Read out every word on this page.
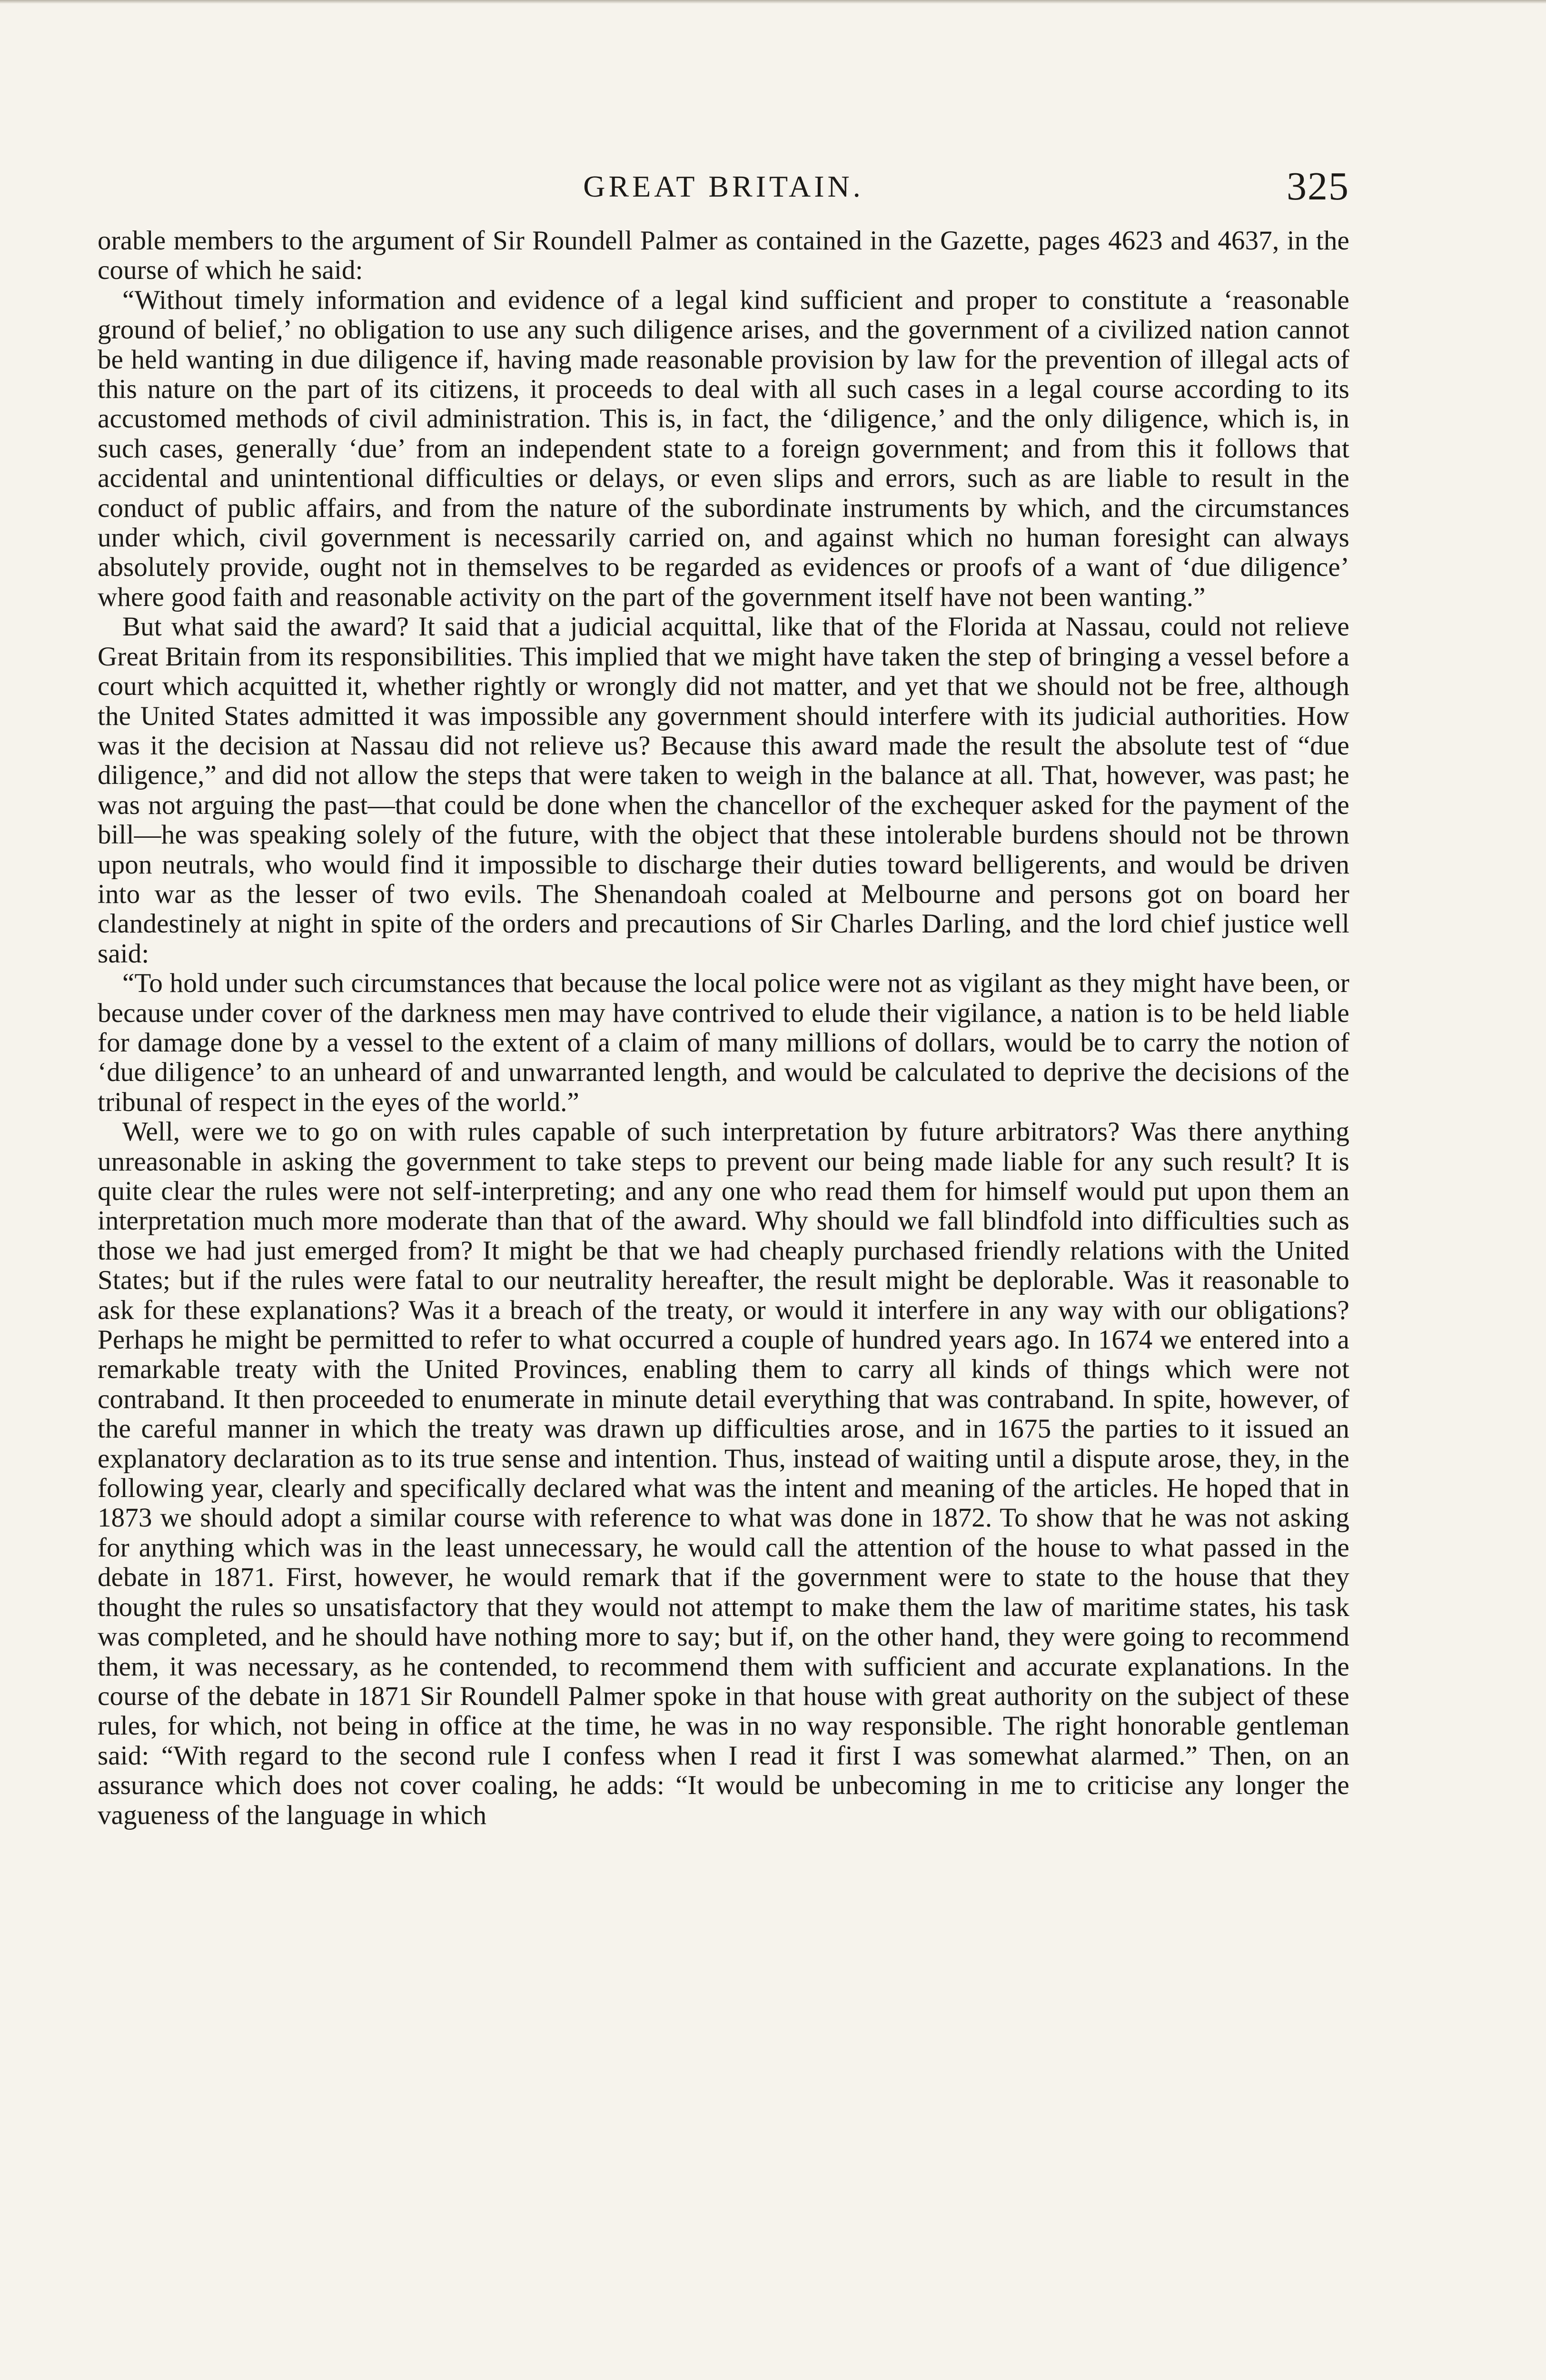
GREAT BRITAIN.	325

orable members to the argument of Sir Roundell Palmer as contained in the Gazette, pages 4623 and 4637, in the course of which he said:

“Without timely information and evidence of a legal kind sufficient and proper to constitute a ‘reasonable ground of belief,’ no obligation to use any such diligence arises, and the government of a civilized nation cannot be held wanting in due diligence if, having made reasonable provision by law for the prevention of illegal acts of this nature on the part of its citizens, it proceeds to deal with all such cases in a legal course according to its accustomed methods of civil administration. This is, in fact, the ‘diligence,’ and the only diligence, which is, in such cases, generally ‘due’ from an independent state to a foreign government; and from this it follows that accidental and unintentional difficulties or delays, or even slips and errors, such as are liable to result in the conduct of public affairs, and from the nature of the subordinate instruments by which, and the circumstances under which, civil government is necessarily carried on, and against which no human foresight can always absolutely provide, ought not in themselves to be regarded as evidences or proofs of a want of ‘due diligence’ where good faith and reasonable activity on the part of the government itself have not been wanting.”

But what said the award? It said that a judicial acquittal, like that of the Florida at Nassau, could not relieve Great Britain from its responsibilities. This implied that we might have taken the step of bringing a vessel before a court which acquitted it, whether rightly or wrongly did not matter, and yet that we should not be free, although the United States admitted it was impossible any government should interfere with its judicial authorities. How was it the decision at Nassau did not relieve us? Because this award made the result the absolute test of “due diligence,” and did not allow the steps that were taken to weigh in the balance at all. That, however, was past; he was not arguing the past—that could be done when the chancellor of the exchequer asked for the payment of the bill—he was speaking solely of the future, with the object that these intolerable burdens should not be thrown upon neutrals, who would find it impossible to discharge their duties toward belligerents, and would be driven into war as the lesser of two evils. The Shenandoah coaled at Melbourne and persons got on board her clandestinely at night in spite of the orders and precautions of Sir Charles Darling, and the lord chief justice well said:

“To hold under such circumstances that because the local police were not as vigilant as they might have been, or because under cover of the darkness men may have contrived to elude their vigilance, a nation is to be held liable for damage done by a vessel to the extent of a claim of many millions of dollars, would be to carry the notion of ‘due diligence’ to an unheard of and unwarranted length, and would be calculated to deprive the decisions of the tribunal of respect in the eyes of the world.”

Well, were we to go on with rules capable of such interpretation by future arbitrators? Was there anything unreasonable in asking the government to take steps to prevent our being made liable for any such result? It is quite clear the rules were not self-interpreting; and any one who read them for himself would put upon them an interpretation much more moderate than that of the award. Why should we fall blindfold into difficulties such as those we had just emerged from? It might be that we had cheaply purchased friendly relations with the United States; but if the rules were fatal to our neutrality hereafter, the result might be deplorable. Was it reasonable to ask for these explanations? Was it a breach of the treaty, or would it interfere in any way with our obligations? Perhaps he might be permitted to refer to what occurred a couple of hundred years ago. In 1674 we entered into a remarkable treaty with the United Provinces, enabling them to carry all kinds of things which were not contraband. It then proceeded to enumerate in minute detail everything that was contraband. In spite, however, of the careful manner in which the treaty was drawn up difficulties arose, and in 1675 the parties to it issued an explanatory declaration as to its true sense and intention. Thus, instead of waiting until a dispute arose, they, in the following year, clearly and specifically declared what was the intent and meaning of the articles. He hoped that in 1873 we should adopt a similar course with reference to what was done in 1872. To show that he was not asking for anything which was in the least unnecessary, he would call the attention of the house to what passed in the debate in 1871. First, however, he would remark that if the government were to state to the house that they thought the rules so unsatisfactory that they would not attempt to make them the law of maritime states, his task was completed, and he should have nothing more to say; but if, on the other hand, they were going to recommend them, it was necessary, as he contended, to recommend them with sufficient and accurate explanations. In the course of the debate in 1871 Sir Roundell Palmer spoke in that house with great authority on the subject of these rules, for which, not being in office at the time, he was in no way responsible. The right honorable gentleman said: “With regard to the second rule I confess when I read it first I was somewhat alarmed.” Then, on an assurance which does not cover coaling, he adds: “It would be unbecoming in me to criticise any longer the vagueness of the language in which
